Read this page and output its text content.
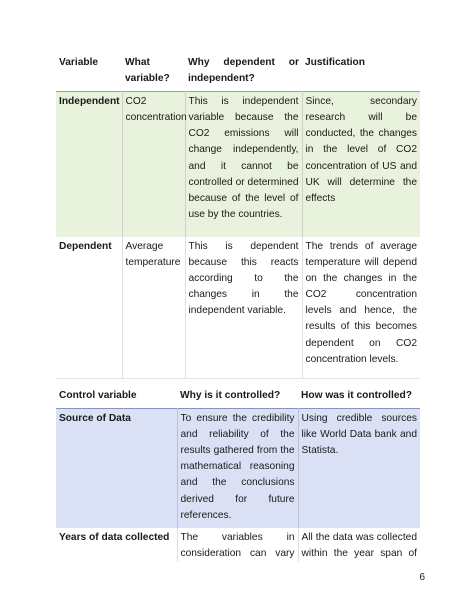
Variable	What variable?	Why dependent or independent?	Justification
Independent	CO2 concentration	This is independent variable because the CO2 emissions will change independently, and it cannot be controlled or determined because of the level of use by the countries.	Since, secondary research will be conducted, the changes in the level of CO2 concentration of US and UK will determine the effects
Dependent	Average temperature	This is dependent because this reacts according to the changes in the independent variable.	The trends of average temperature will depend on the changes in the CO2 concentration levels and hence, the results of this becomes dependent on CO2 concentration levels.
Control variable	Why is it controlled?	How was it controlled?
Source of Data	To ensure the credibility and reliability of the results gathered from the mathematical reasoning and the conclusions derived for future references.	Using credible sources like World Data bank and Statista.
Years of data collected	The variables in consideration can vary	All the data was collected within the year span of
6
